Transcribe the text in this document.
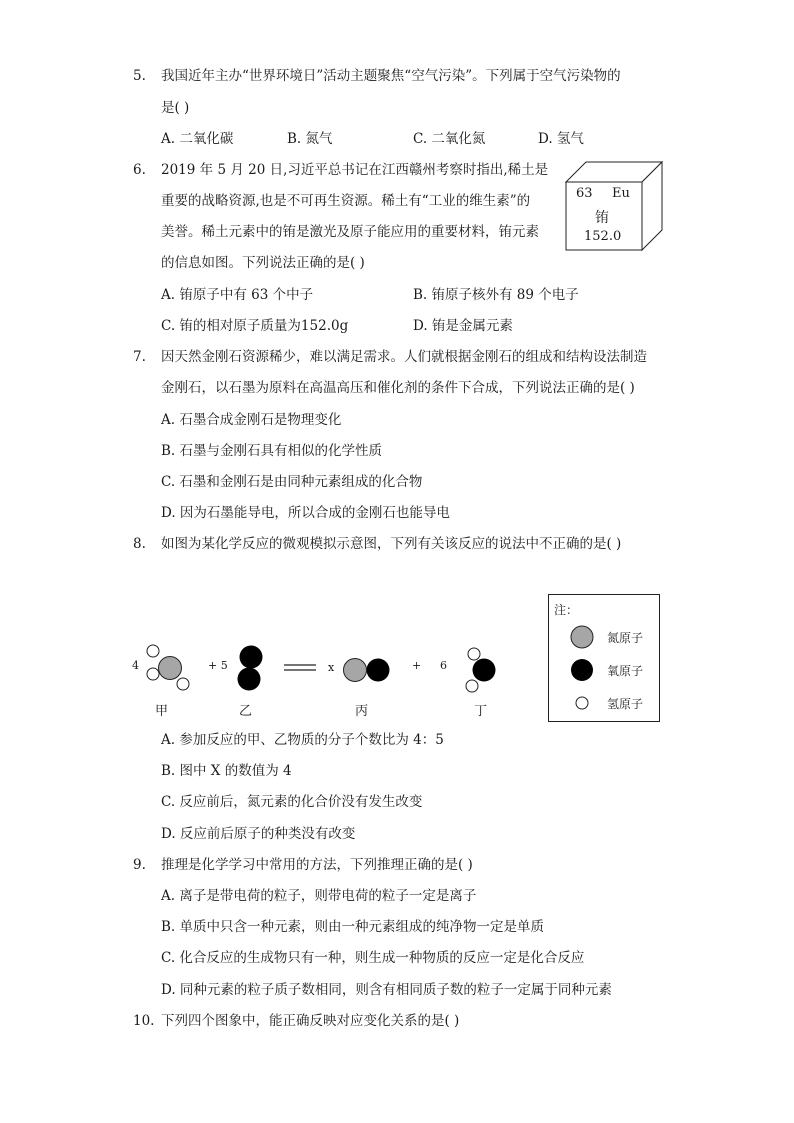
5. 我国近年主办“世界环境日”活动主题聚焦“空气污染”。下列属于空气污染物的
是( )
A. 二氧化碳	B. 氮气	C. 二氧化氮	D. 氢气
6. 2019 年 5 月 20 日,习近平总书记在江西赣州考察时指出,稀土是
重要的战略资源,也是不可再生资源。稀土有“工业的维生素”的
美誉。稀土元素中的铕是激光及原子能应用的重要材料，铕元素
的信息如图。下列说法正确的是( )
63 Eu
铕
152.0
A. 铕原子中有 63 个中子	B. 铕原子核外有 89 个电子
C. 铕的相对原子质量为152.0g	D. 铕是金属元素
7. 因天然金刚石资源稀少，难以满足需求。人们就根据金刚石的组成和结构设法制造
金刚石，以石墨为原料在高温高压和催化剂的条件下合成，下列说法正确的是( )
A. 石墨合成金刚石是物理变化
B. 石墨与金刚石具有相似的化学性质
C. 石墨和金刚石是由同种元素组成的化合物
D. 因为石墨能导电，所以合成的金刚石也能导电
8. 如图为某化学反应的微观模拟示意图，下列有关该反应的说法中不正确的是( )
4	+ 5	x	+ 6
甲	乙	丙	丁
注：
氮原子
氧原子
氢原子
A. 参加反应的甲、乙物质的分子个数比为 4：5
B. 图中 X 的数值为 4
C. 反应前后，氮元素的化合价没有发生改变
D. 反应前后原子的种类没有改变
9. 推理是化学学习中常用的方法，下列推理正确的是( )
A. 离子是带电荷的粒子，则带电荷的粒子一定是离子
B. 单质中只含一种元素，则由一种元素组成的纯净物一定是单质
C. 化合反应的生成物只有一种，则生成一种物质的反应一定是化合反应
D. 同种元素的粒子质子数相同，则含有相同质子数的粒子一定属于同种元素
10. 下列四个图象中，能正确反映对应变化关系的是( )
